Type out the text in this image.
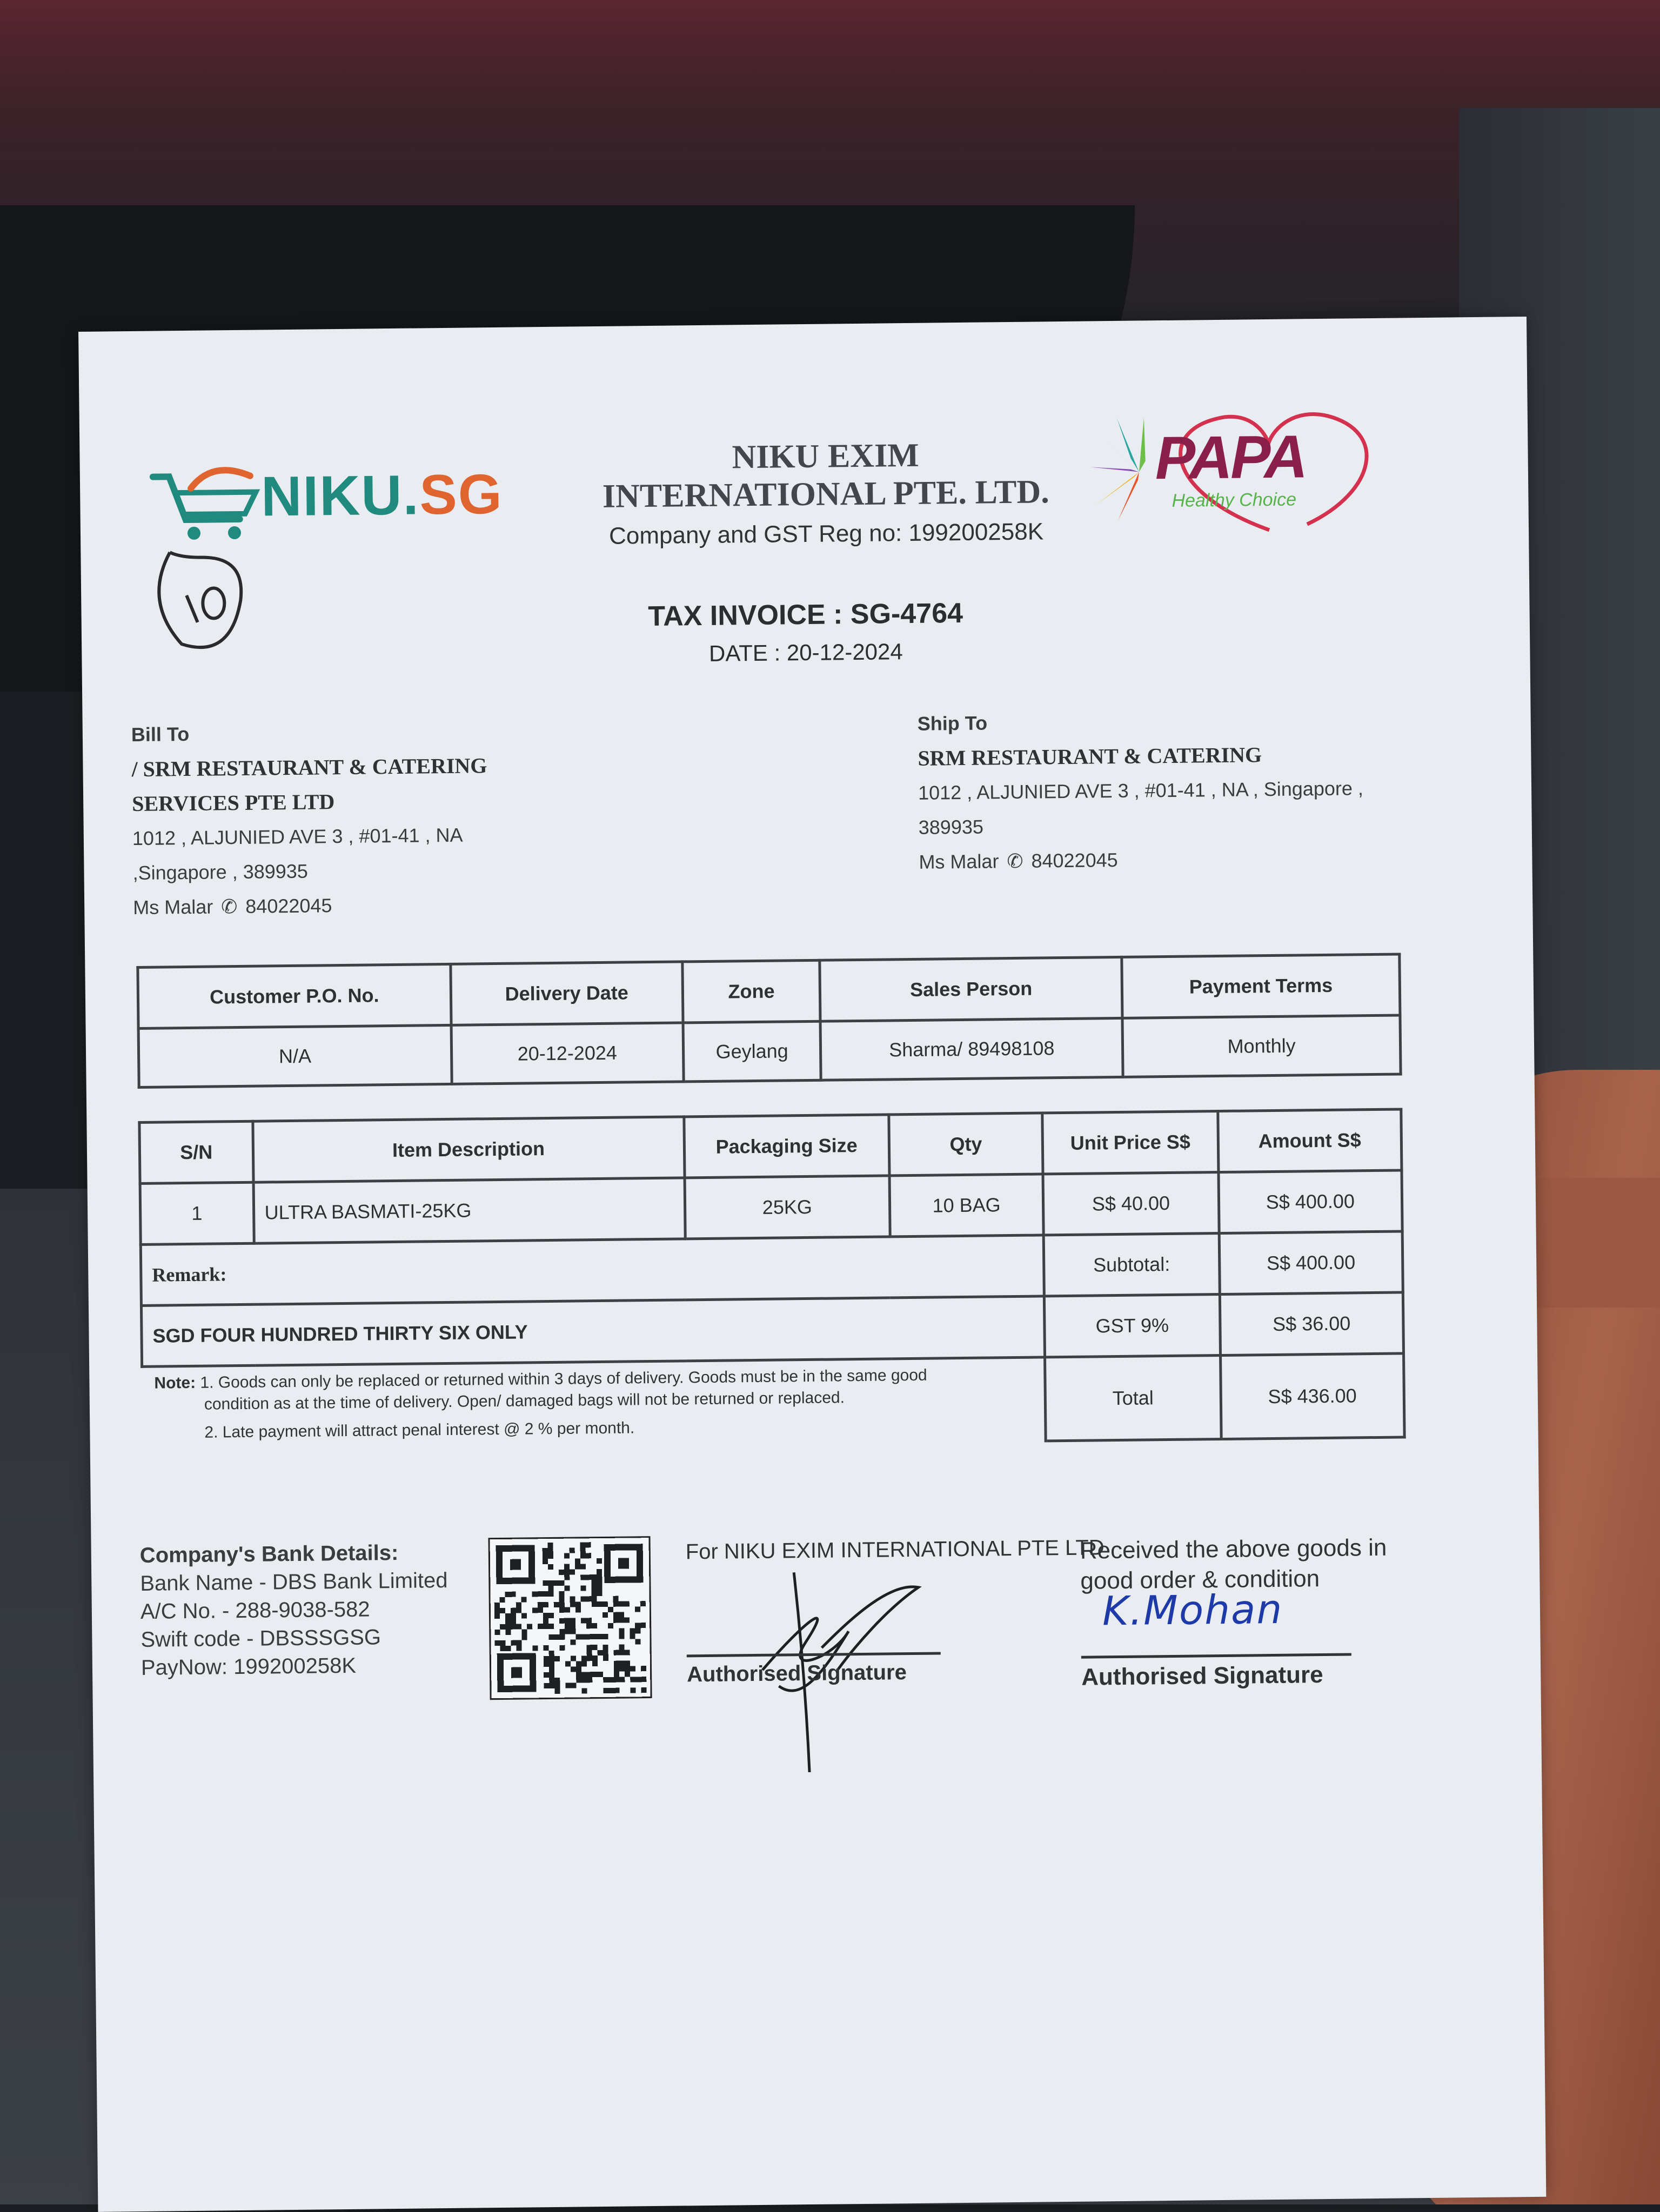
NIKU.SG
NIKU EXIM
INTERNATIONAL PTE. LTD.
Company and GST Reg no: 199200258K
PAPA
Healthy Choice
TAX INVOICE : SG-4764
DATE : 20-12-2024
Bill To
/ SRM RESTAURANT & CATERING
SERVICES PTE LTD
1012 , ALJUNIED AVE 3 , #01-41 , NA
,Singapore , 389935
Ms Malar ✆ 84022045
Ship To
SRM RESTAURANT & CATERING
1012 , ALJUNIED AVE 3 , #01-41 , NA , Singapore ,
389935
Ms Malar ✆ 84022045
Customer P.O. No.	Delivery Date	Zone	Sales Person	Payment Terms
N/A	20-12-2024	Geylang	Sharma/ 89498108	Monthly
S/N	Item Description	Packaging Size	Qty	Unit Price S$	Amount S$
1	ULTRA BASMATI-25KG	25KG	10 BAG	S$ 40.00	S$ 400.00
Remark:				Subtotal:	S$ 400.00
SGD FOUR HUNDRED THIRTY SIX ONLY				GST 9%	S$ 36.00
				Total	S$ 436.00
Note: 1. Goods can only be replaced or returned within 3 days of delivery. Goods must be in the same good
condition as at the time of delivery. Open/ damaged bags will not be returned or replaced.
2. Late payment will attract penal interest @ 2 % per month.
Company's Bank Details:
Bank Name - DBS Bank Limited
A/C No. - 288-9038-582
Swift code - DBSSSGSG
PayNow: 199200258K
For NIKU EXIM INTERNATIONAL PTE LTD
Authorised Signature
Received the above goods in
good order & condition
K.Mohan
Authorised Signature
